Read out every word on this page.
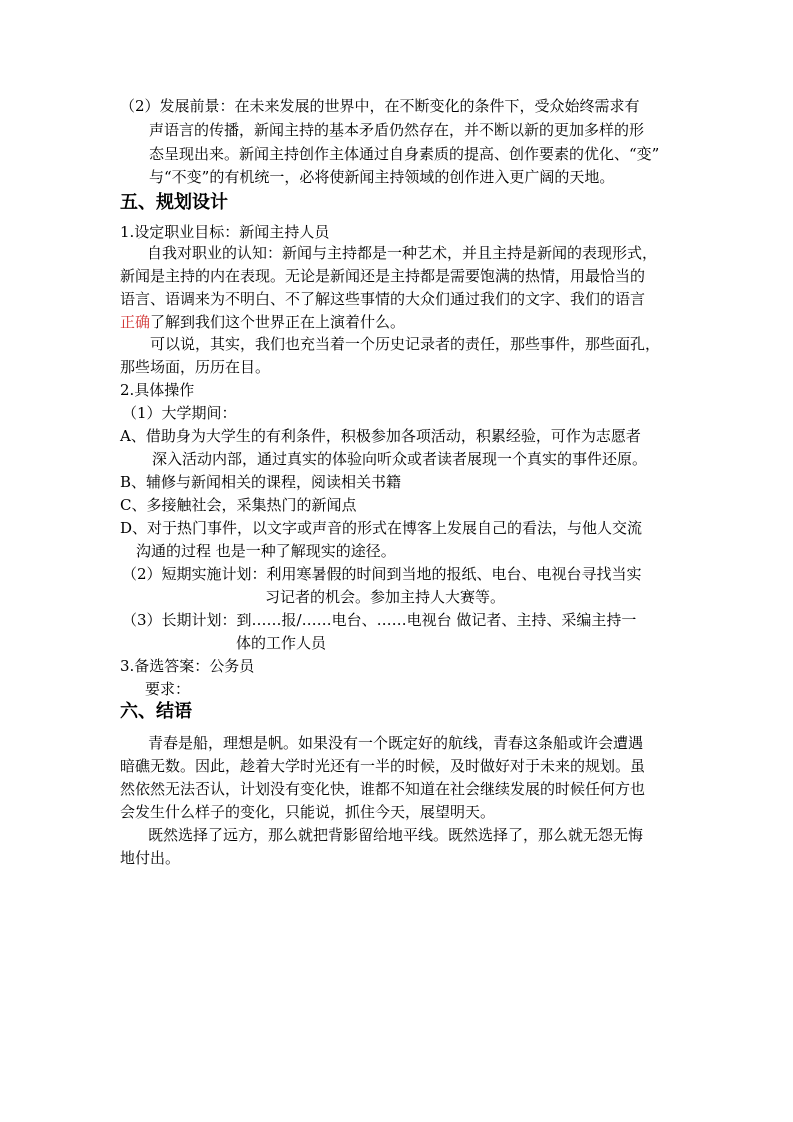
（2）发展前景：在未来发展的世界中，在不断变化的条件下，受众始终需求有
声语言的传播，新闻主持的基本矛盾仍然存在，并不断以新的更加多样的形
态呈现出来。新闻主持创作主体通过自身素质的提高、创作要素的优化、“变”
与“不变”的有机统一，必将使新闻主持领域的创作进入更广阔的天地。
五、规划设计
1.设定职业目标：新闻主持人员
自我对职业的认知：新闻与主持都是一种艺术，并且主持是新闻的表现形式，
新闻是主持的内在表现。无论是新闻还是主持都是需要饱满的热情，用最恰当的
语言、语调来为不明白、不了解这些事情的大众们通过我们的文字、我们的语言
正确了解到我们这个世界正在上演着什么。
可以说，其实，我们也充当着一个历史记录者的责任，那些事件，那些面孔，
那些场面，历历在目。
2.具体操作
（1）大学期间：
A、借助身为大学生的有利条件，积极参加各项活动，积累经验，可作为志愿者
深入活动内部，通过真实的体验向听众或者读者展现一个真实的事件还原。
B、辅修与新闻相关的课程，阅读相关书籍
C、多接触社会，采集热门的新闻点
D、对于热门事件，以文字或声音的形式在博客上发展自己的看法，与他人交流
沟通的过程 也是一种了解现实的途径。
（2）短期实施计划：利用寒暑假的时间到当地的报纸、电台、电视台寻找当实
习记者的机会。参加主持人大赛等。
（3）长期计划：到……报/……电台、……电视台 做记者、主持、采编主持一
体的工作人员
3.备选答案：公务员
要求：
六、结语
青春是船，理想是帆。如果没有一个既定好的航线，青春这条船或许会遭遇
暗礁无数。因此，趁着大学时光还有一半的时候，及时做好对于未来的规划。虽
然依然无法否认，计划没有变化快，谁都不知道在社会继续发展的时候任何方也
会发生什么样子的变化，只能说，抓住今天，展望明天。
既然选择了远方，那么就把背影留给地平线。既然选择了，那么就无怨无悔
地付出。
